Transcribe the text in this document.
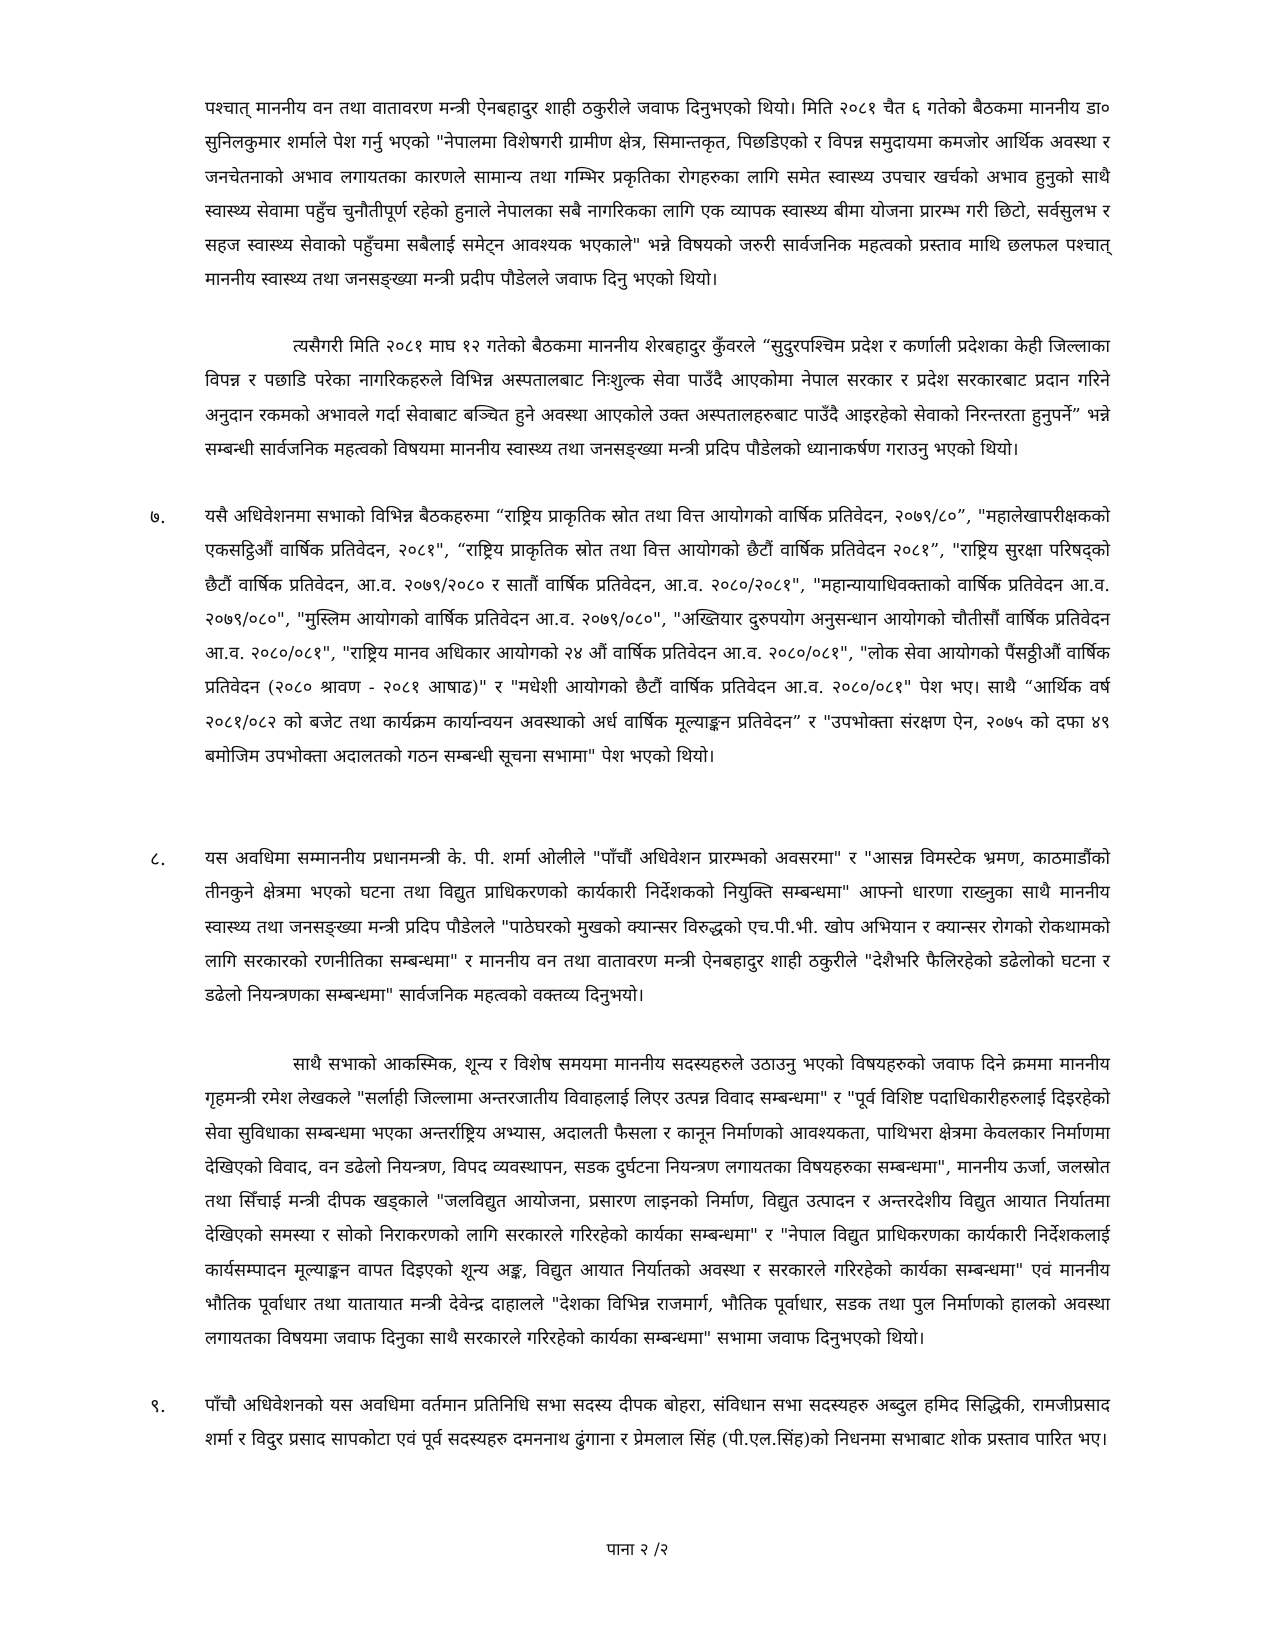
पश्चात् माननीय वन तथा वातावरण मन्त्री ऐनबहादुर शाही ठकुरीले जवाफ दिनुभएको थियो। मिति २०८१ चैत ६ गतेको बैठकमा माननीय डा० सुनिलकुमार शर्माले पेश गर्नु भएको "नेपालमा विशेषगरी ग्रामीण क्षेत्र, सिमान्तकृत, पिछडिएको र विपन्न समुदायमा कमजोर आर्थिक अवस्था र जनचेतनाको अभाव लगायतका कारणले सामान्य तथा गम्भिर प्रकृतिका रोगहरुका लागि समेत स्वास्थ्य उपचार खर्चको अभाव हुनुको साथै स्वास्थ्य सेवामा पहुँच चुनौतीपूर्ण रहेको हुनाले नेपालका सबै नागरिकका लागि एक व्यापक स्वास्थ्य बीमा योजना प्रारम्भ गरी छिटो, सर्वसुलभ र सहज स्वास्थ्य सेवाको पहुँचमा सबैलाई समेट्न आवश्यक भएकाले" भन्ने विषयको जरुरी सार्वजनिक महत्वको प्रस्ताव माथि छलफल पश्चात् माननीय स्वास्थ्य तथा जनसङ्ख्या मन्त्री प्रदीप पौडेलले जवाफ दिनु भएको थियो।

त्यसैगरी मिति २०८१ माघ १२ गतेको बैठकमा माननीय शेरबहादुर कुँवरले “सुदुरपश्चिम प्रदेश र कर्णाली प्रदेशका केही जिल्लाका विपन्न र पछाडि परेका नागरिकहरुले विभिन्न अस्पतालबाट निःशुल्क सेवा पाउँदै आएकोमा नेपाल सरकार र प्रदेश सरकारबाट प्रदान गरिने अनुदान रकमको अभावले गर्दा सेवाबाट बञ्चित हुने अवस्था आएकोले उक्त अस्पतालहरुबाट पाउँदै आइरहेको सेवाको निरन्तरता हुनुपर्ने” भन्ने सम्बन्धी सार्वजनिक महत्वको विषयमा माननीय स्वास्थ्य तथा जनसङ्ख्या मन्त्री प्रदिप पौडेलको ध्यानाकर्षण गराउनु भएको थियो।

७.	यसै अधिवेशनमा सभाको विभिन्न बैठकहरुमा “राष्ट्रिय प्राकृतिक स्रोत तथा वित्त आयोगको वार्षिक प्रतिवेदन, २०७९/८०”, "महालेखापरीक्षकको एकसट्ठिऔं वार्षिक प्रतिवेदन, २०८१", “राष्ट्रिय प्राकृतिक स्रोत तथा वित्त आयोगको छैटौं वार्षिक प्रतिवेदन २०८१”, "राष्ट्रिय सुरक्षा परिषद्को छैटौं वार्षिक प्रतिवेदन, आ.व. २०७९/२०८० र सातौं वार्षिक प्रतिवेदन, आ.व. २०८०/२०८१", "महान्यायाधिवक्ताको वार्षिक प्रतिवेदन आ.व. २०७९/०८०", "मुस्लिम आयोगको वार्षिक प्रतिवेदन आ.व. २०७९/०८०", "अख्तियार दुरुपयोग अनुसन्धान आयोगको चौतीसौं वार्षिक प्रतिवेदन आ.व. २०८०/०८१", "राष्ट्रिय मानव अधिकार आयोगको २४ औं वार्षिक प्रतिवेदन आ.व. २०८०/०८१", "लोक सेवा आयोगको पैंसठ्ठीऔं वार्षिक प्रतिवेदन (२०८० श्रावण - २०८१ आषाढ)" र "मधेशी आयोगको छैटौं वार्षिक प्रतिवेदन आ.व. २०८०/०८१" पेश भए। साथै “आर्थिक वर्ष २०८१/०८२ को बजेट तथा कार्यक्रम कार्यान्वयन अवस्थाको अर्ध वार्षिक मूल्याङ्कन प्रतिवेदन” र "उपभोक्ता संरक्षण ऐन, २०७५ को दफा ४९ बमोजिम उपभोक्ता अदालतको गठन सम्बन्धी सूचना सभामा" पेश भएको थियो।

८.	यस अवधिमा सम्माननीय प्रधानमन्त्री के. पी. शर्मा ओलीले "पाँचौं अधिवेशन प्रारम्भको अवसरमा" र "आसन्न विमस्टेक भ्रमण, काठमाडौंको तीनकुने क्षेत्रमा भएको घटना तथा विद्युत प्राधिकरणको कार्यकारी निर्देशकको नियुक्ति सम्बन्धमा" आफ्नो धारणा राख्नुका साथै माननीय स्वास्थ्य तथा जनसङ्ख्या मन्त्री प्रदिप पौडेलले "पाठेघरको मुखको क्यान्सर विरुद्धको एच.पी.भी. खोप अभियान र क्यान्सर रोगको रोकथामको लागि सरकारको रणनीतिका सम्बन्धमा" र माननीय वन तथा वातावरण मन्त्री ऐनबहादुर शाही ठकुरीले "देशैभरि फैलिरहेको डढेलोको घटना र डढेलो नियन्त्रणका सम्बन्धमा" सार्वजनिक महत्वको वक्तव्य दिनुभयो।

साथै सभाको आकस्मिक, शून्य र विशेष समयमा माननीय सदस्यहरुले उठाउनु भएको विषयहरुको जवाफ दिने क्रममा माननीय गृहमन्त्री रमेश लेखकले "सर्लाही जिल्लामा अन्तरजातीय विवाहलाई लिएर उत्पन्न विवाद सम्बन्धमा" र "पूर्व विशिष्ट पदाधिकारीहरुलाई दिइरहेको सेवा सुविधाका सम्बन्धमा भएका अन्तर्राष्ट्रिय अभ्यास, अदालती फैसला र कानून निर्माणको आवश्यकता, पाथिभरा क्षेत्रमा केवलकार निर्माणमा देखिएको विवाद, वन डढेलो नियन्त्रण, विपद व्यवस्थापन, सडक दुर्घटना नियन्त्रण लगायतका विषयहरुका सम्बन्धमा", माननीय ऊर्जा, जलस्रोत तथा सिँचाई मन्त्री दीपक खड्काले "जलविद्युत आयोजना, प्रसारण लाइनको निर्माण, विद्युत उत्पादन र अन्तरदेशीय विद्युत आयात निर्यातमा देखिएको समस्या र सोको निराकरणको लागि सरकारले गरिरहेको कार्यका सम्बन्धमा" र "नेपाल विद्युत प्राधिकरणका कार्यकारी निर्देशकलाई कार्यसम्पादन मूल्याङ्कन वापत दिइएको शून्य अङ्क, विद्युत आयात निर्यातको अवस्था र सरकारले गरिरहेको कार्यका सम्बन्धमा" एवं माननीय भौतिक पूर्वाधार तथा यातायात मन्त्री देवेन्द्र दाहालले "देशका विभिन्न राजमार्ग, भौतिक पूर्वाधार, सडक तथा पुल निर्माणको हालको अवस्था लगायतका विषयमा जवाफ दिनुका साथै सरकारले गरिरहेको कार्यका सम्बन्धमा" सभामा जवाफ दिनुभएको थियो।

९.	पाँचौ अधिवेशनको यस अवधिमा वर्तमान प्रतिनिधि सभा सदस्य दीपक बोहरा, संविधान सभा सदस्यहरु अब्दुल हमिद सिद्धिकी, रामजीप्रसाद शर्मा र विदुर प्रसाद सापकोटा एवं पूर्व सदस्यहरु दमननाथ ढुंगाना र प्रेमलाल सिंह (पी.एल.सिंह)को निधनमा सभाबाट शोक प्रस्ताव पारित भए।

पाना २ /२
